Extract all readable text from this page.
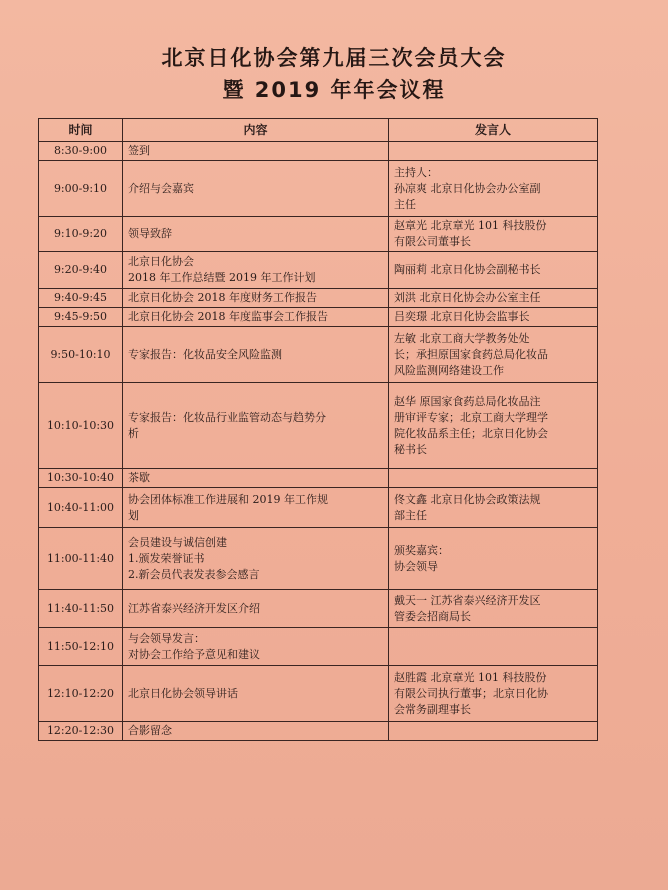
北京日化协会第九届三次会员大会
暨 2019 年年会议程
时间	内容	发言人
8:30-9:00	签到	

9:00-9:10	介绍与会嘉宾	主持人：
孙凉爽 北京日化协会办公室副
主任

9:10-9:20	领导致辞	赵章光 北京章光 101 科技股份
有限公司董事长

9:20-9:40	北京日化协会
2018 年工作总结暨 2019 年工作计划	陶丽莉 北京日化协会副秘书长

9:40-9:45	北京日化协会 2018 年度财务工作报告	刘洪 北京日化协会办公室主任

9:45-9:50	北京日化协会 2018 年度监事会工作报告	吕奕璟 北京日化协会监事长

9:50-10:10	专家报告：化妆品安全风险监测	左敏 北京工商大学教务处处
长；承担原国家食药总局化妆品
风险监测网络建设工作

10:10-10:30	专家报告：化妆品行业监管动态与趋势分
析	赵华 原国家食药总局化妆品注
册审评专家；北京工商大学理学
院化妆品系主任；北京日化协会
秘书长

10:30-10:40	茶歇	

10:40-11:00	协会团体标准工作进展和 2019 年工作规
划	佟文鑫 北京日化协会政策法规
部主任

11:00-11:40	会员建设与诚信创建
1.颁发荣誉证书
2.新会员代表发表参会感言	颁奖嘉宾：
协会领导

11:40-11:50	江苏省泰兴经济开发区介绍	戴天一 江苏省泰兴经济开发区
管委会招商局长

11:50-12:10	与会领导发言：
对协会工作给予意见和建议	

12:10-12:20	北京日化协会领导讲话	赵胜霞 北京章光 101 科技股份
有限公司执行董事；北京日化协
会常务副理事长

12:20-12:30	合影留念	
